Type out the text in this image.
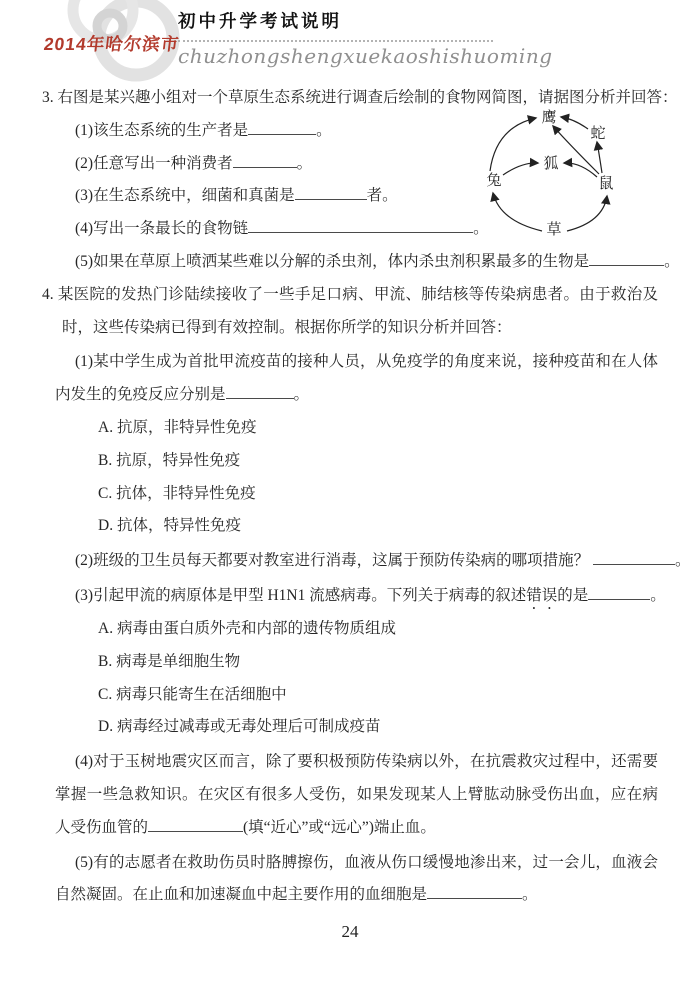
2014年哈尔滨市
初中升学考试说明
chuzhongshengxuekaoshishuoming
鹰
蛇
狐
兔	鼠
草

3. 右图是某兴趣小组对一个草原生态系统进行调查后绘制的食物网简图，请据图分析并回答：

(1)该生态系统的生产者是	。

(2)任意写出一种消费者	。

(3)在生态系统中，细菌和真菌是	者。

(4)写出一条最长的食物链	。

(5)如果在草原上喷洒某些难以分解的杀虫剂，体内杀虫剂积累最多的生物是	。

4. 某医院的发热门诊陆续接收了一些手足口病、甲流、肺结核等传染病患者。由于救治及时，这些传染病已得到有效控制。根据你所学的知识分析并回答：

(1)某中学生成为首批甲流疫苗的接种人员，从免疫学的角度来说，接种疫苗和在人体内发生的免疫反应分别是	。

A. 抗原，非特异性免疫

B. 抗原，特异性免疫

C. 抗体，非特异性免疫

D. 抗体，特异性免疫

(2)班级的卫生员每天都要对教室进行消毒，这属于预防传染病的哪项措施？	。

(3)引起甲流的病原体是甲型 H1N1 流感病毒。下列关于病毒的叙述错误的是	。

A. 病毒由蛋白质外壳和内部的遗传物质组成

B. 病毒是单细胞生物

C. 病毒只能寄生在活细胞中

D. 病毒经过减毒或无毒处理后可制成疫苗

(4)对于玉树地震灾区而言，除了要积极预防传染病以外，在抗震救灾过程中，还需要掌握一些急救知识。在灾区有很多人受伤，如果发现某人上臂肱动脉受伤出血，应在病人受伤血管的	(填“近心”或“远心”)端止血。

(5)有的志愿者在救助伤员时胳膊擦伤，血液从伤口缓慢地渗出来，过一会儿，血液会自然凝固。在止血和加速凝血中起主要作用的血细胞是	。

24
